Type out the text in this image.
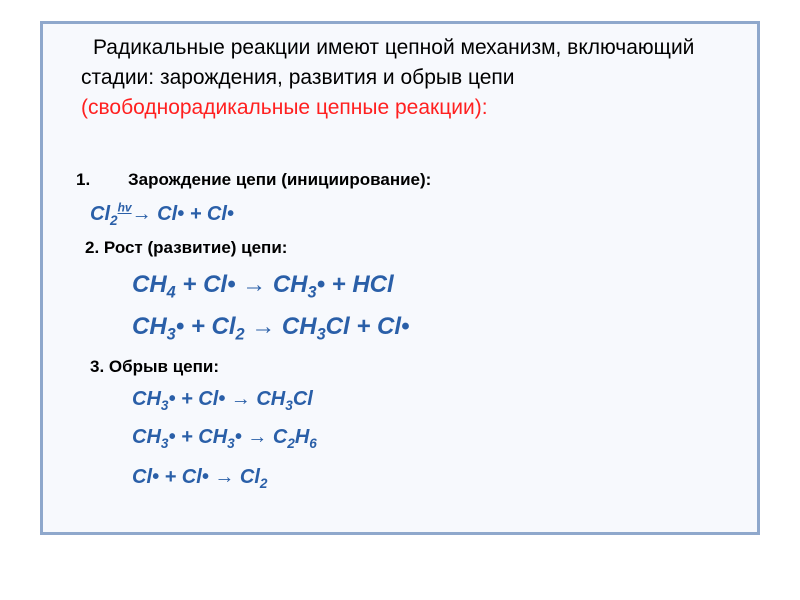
Радикальные реакции имеют цепной механизм, включающий стадии: зарождения, развития и обрыв цепи (свободнорадикальные цепные реакции):

1. Зарождение цепи (инициирование):

$Cl_2^{hv}\to$ Cl• + Cl•

2. Рост (развитие) цепи:

$CH_4$ + Cl• → $CH_3•$ + HCl

$CH_3• + Cl_2 \to CH_3Cl$ + Cl•

3. Обрыв цепи:

$CH_3•$ + Cl• → $CH_3Cl$

$CH_3•$ + $CH_3• \to C_2H_6$

Cl• + Cl• → $Cl_2$
